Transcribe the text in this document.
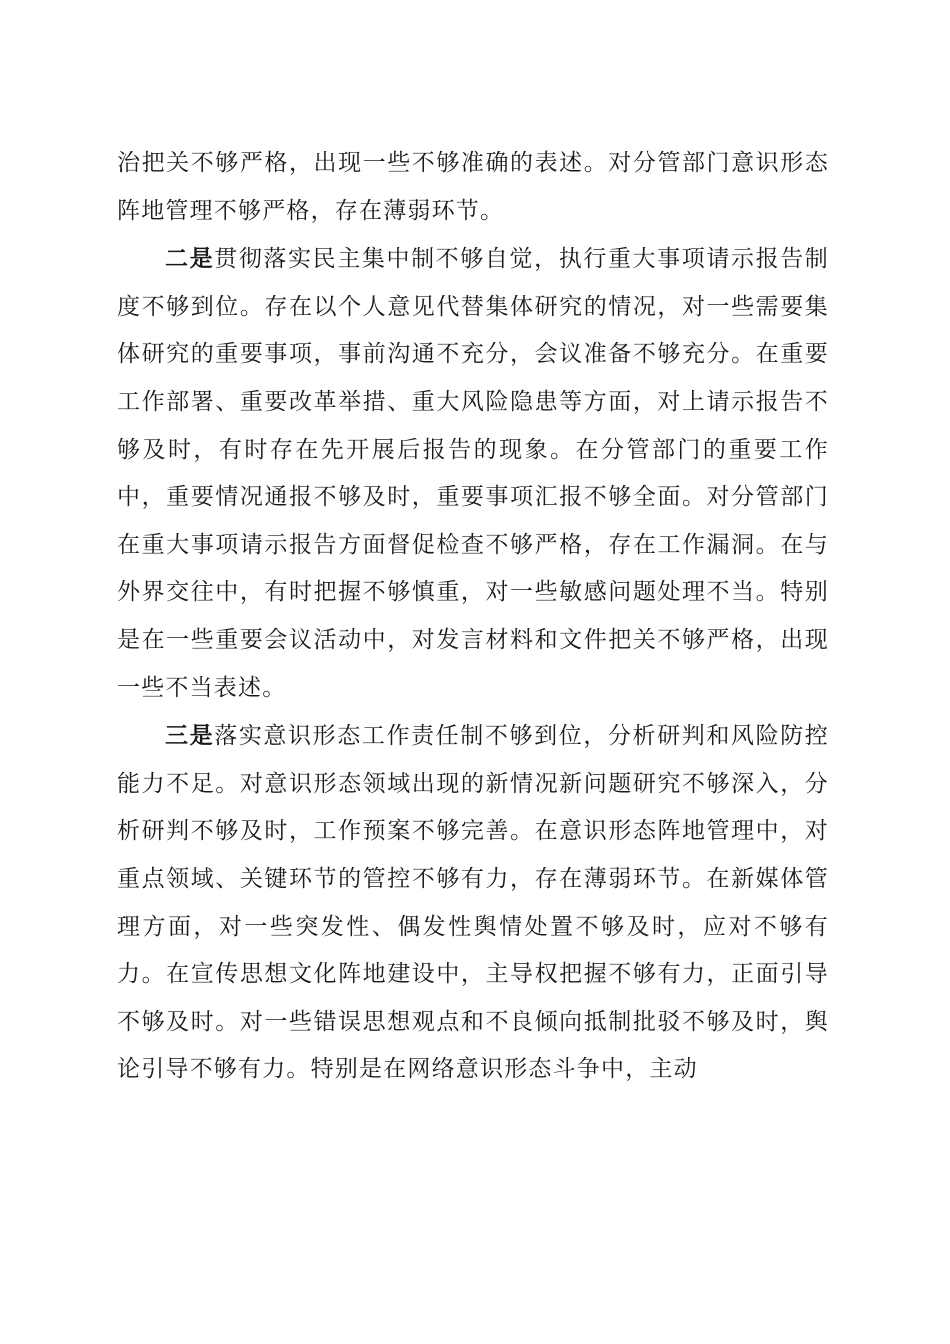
治把关不够严格，出现一些不够准确的表述。对分管部门意识形态阵地管理不够严格，存在薄弱环节。

二是贯彻落实民主集中制不够自觉，执行重大事项请示报告制度不够到位。存在以个人意见代替集体研究的情况，对一些需要集体研究的重要事项，事前沟通不充分，会议准备不够充分。在重要工作部署、重要改革举措、重大风险隐患等方面，对上请示报告不够及时，有时存在先开展后报告的现象。在分管部门的重要工作中，重要情况通报不够及时，重要事项汇报不够全面。对分管部门在重大事项请示报告方面督促检查不够严格，存在工作漏洞。在与外界交往中，有时把握不够慎重，对一些敏感问题处理不当。特别是在一些重要会议活动中，对发言材料和文件把关不够严格，出现一些不当表述。

三是落实意识形态工作责任制不够到位，分析研判和风险防控能力不足。对意识形态领域出现的新情况新问题研究不够深入，分析研判不够及时，工作预案不够完善。在意识形态阵地管理中，对重点领域、关键环节的管控不够有力，存在薄弱环节。在新媒体管理方面，对一些突发性、偶发性舆情处置不够及时，应对不够有力。在宣传思想文化阵地建设中，主导权把握不够有力，正面引导不够及时。对一些错误思想观点和不良倾向抵制批驳不够及时，舆论引导不够有力。特别是在网络意识形态斗争中，主动
